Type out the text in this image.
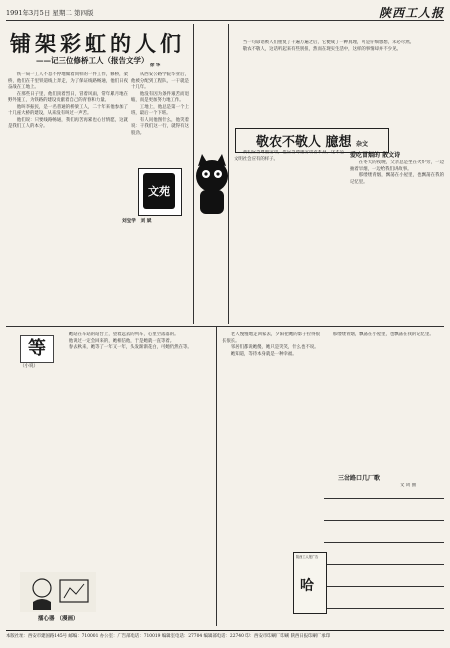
1991年3月5日 星期二 第四版	陕西工人报
铺架彩虹的人们
——记三位修桥工人（报告文学）
徐 华

铁一局一工人不息不停地做着同样的一件工作，修桥，架桥，他们在千里铁道线上奔走，为了保证线路畅通，他们日夜奋战在工地上。

在那些日子里，他们顶着烈日，冒着风雨，常年累月地在野外施工，为铁路的建设贡献着自己的青春和力量。

他叫李振民，是一名普通的桥梁工人，二十年来他参加了十几座大桥的建设，从来没有叫过一声苦。

他们说：只要线路畅通，我们再苦再累也心甘情愿，这就是我们工人的本分。

从西安公路学院毕业后，他被分配到工程队，一干就是十几年。

他没有因为条件艰苦而退缩，而是更加努力地工作。

工地上，他总是第一个上班，最后一个下班。

有人问他图什么，他笑着说：干我们这一行，就得有这股劲。

文苑
刘宝学 刘 斌

当一句谚语被人们重复了千遍万遍之后，它便成了一种真理，可是仔细想想，未必尽然。

敬农不敬人，这话听起来有些别扭，然而在现实生活中，这样的事情却并不少见。

敬农不敬人 臆想 杂文

我们应当尊重劳动，也应当尊重劳动者本身，这才是文明社会应有的样子。	爱吃冒烟的 散文诗

在冬天的夜晚，父亲总是坐在火炉旁，一边抽着旱烟，一边给我们讲故事。

那缕缕青烟，飘荡在小屋里，也飘荡在我的记忆里。

等
（小说）

她站在车站的站台上，望着远去的列车，心里空落落的。

他说过一定会回来的，她相信他，于是她就一直等着。

春去秋来，她等了一年又一年，头发渐渐花白，可她仍然在等。

擂心器 （漫画）

老人慢慢地走回家去，夕阳把她的影子拉得很长很长。

邻居们都说她傻，她只是笑笑，什么也不说。

她知道，等待本身就是一种幸福。

那缕缕青烟，飘荡在小屋里，也飘荡在我的记忆里。

三岔路口几厂歌
文 词 曲
陕西工人报广告
哈
本版社址：西安市建国路145号 邮编：710001 办公室：广告部电话：710019 编辑室电话：27704 编辑部电话：22740 印：西安市印刷厂印刷 陕西日报印刷厂承印
